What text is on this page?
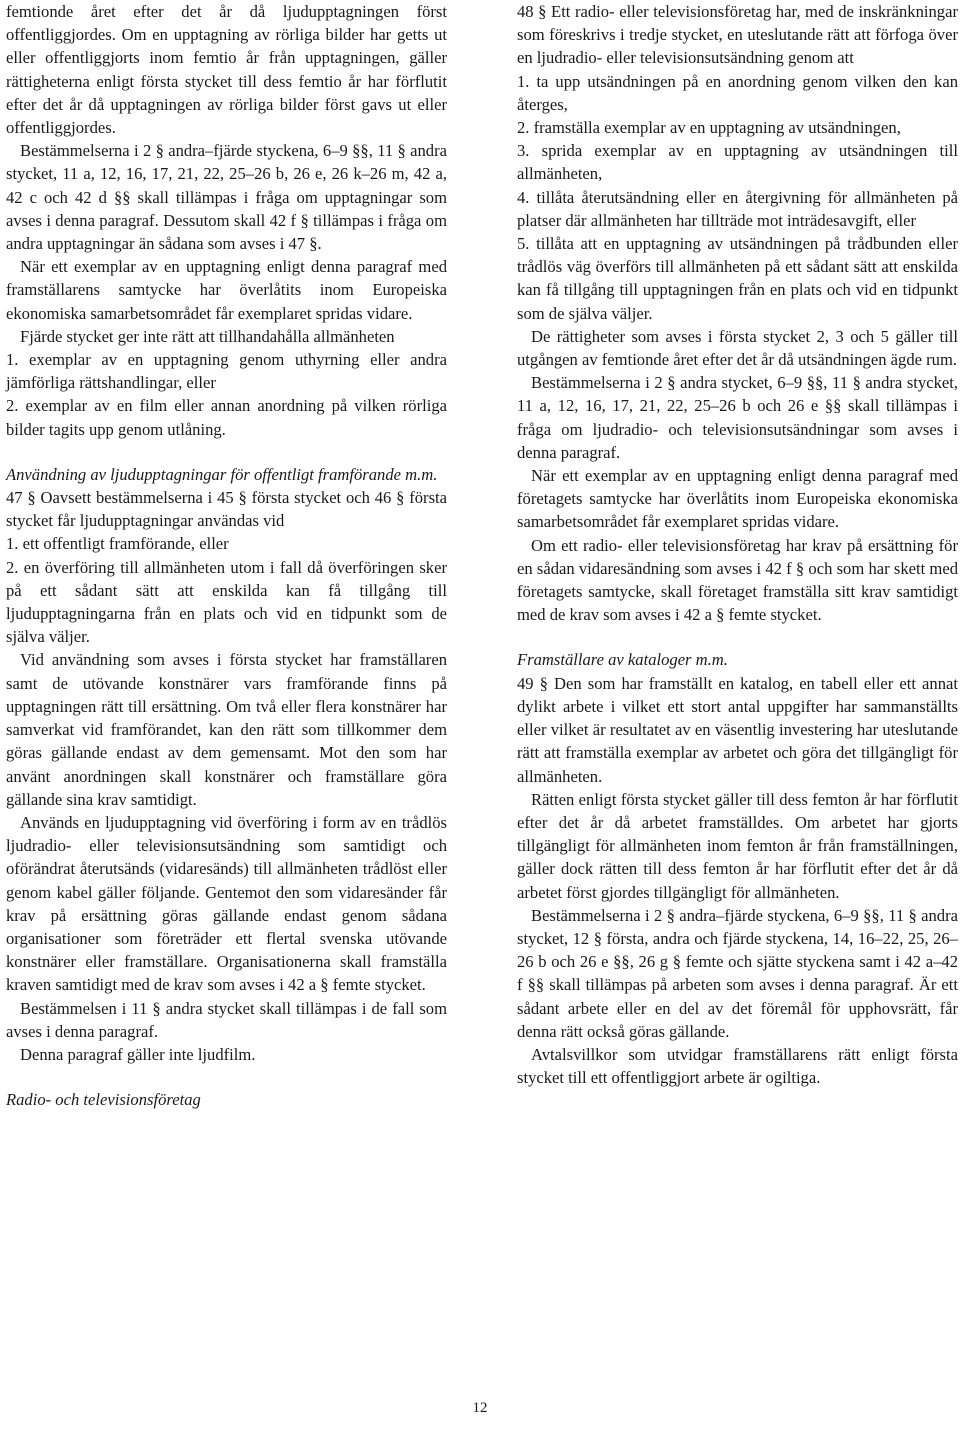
femtionde året efter det år då ljudupptagningen först offentliggjordes. Om en upptagning av rörliga bilder har getts ut eller offentliggjorts inom femtio år från upptagningen, gäller rättigheterna enligt första stycket till dess femtio år har förflutit efter det år då upptagningen av rörliga bilder först gavs ut eller offentliggjordes.

Bestämmelserna i 2 § andra–fjärde styckena, 6–9 §§, 11 § andra stycket, 11 a, 12, 16, 17, 21, 22, 25–26 b, 26 e, 26 k–26 m, 42 a, 42 c och 42 d §§ skall tillämpas i fråga om upptagningar som avses i denna paragraf. Dessutom skall 42 f § tillämpas i fråga om andra upptagningar än sådana som avses i 47 §.

När ett exemplar av en upptagning enligt denna paragraf med framställarens samtycke har överlåtits inom Europeiska ekonomiska samarbetsområdet får exemplaret spridas vidare.

Fjärde stycket ger inte rätt att tillhandahålla allmänheten

1. exemplar av en upptagning genom uthyrning eller andra jämförliga rättshandlingar, eller

2. exemplar av en film eller annan anordning på vilken rörliga bilder tagits upp genom utlåning.

Användning av ljudupptagningar för offentligt framförande m.m.

47 § Oavsett bestämmelserna i 45 § första stycket och 46 § första stycket får ljudupptagningar användas vid

1. ett offentligt framförande, eller

2. en överföring till allmänheten utom i fall då överföringen sker på ett sådant sätt att enskilda kan få tillgång till ljudupptagningarna från en plats och vid en tidpunkt som de själva väljer.

Vid användning som avses i första stycket har framställaren samt de utövande konstnärer vars framförande finns på upptagningen rätt till ersättning. Om två eller flera konstnärer har samverkat vid framförandet, kan den rätt som tillkommer dem göras gällande endast av dem gemensamt. Mot den som har använt anordningen skall konstnärer och framställare göra gällande sina krav samtidigt.

Används en ljudupptagning vid överföring i form av en trådlös ljudradio- eller televisionsutsändning som samtidigt och oförändrat återutsänds (vidaresänds) till allmänheten trådlöst eller genom kabel gäller följande. Gentemot den som vidaresänder får krav på ersättning göras gällande endast genom sådana organisationer som företräder ett flertal svenska utövande konstnärer eller framställare. Organisationerna skall framställa kraven samtidigt med de krav som avses i 42 a § femte stycket.

Bestämmelsen i 11 § andra stycket skall tillämpas i de fall som avses i denna paragraf.

Denna paragraf gäller inte ljudfilm.

Radio- och televisionsföretag

48 § Ett radio- eller televisionsföretag har, med de inskränkningar som föreskrivs i tredje stycket, en uteslutande rätt att förfoga över en ljudradio- eller televisionsutsändning genom att

1. ta upp utsändningen på en anordning genom vilken den kan återges,

2. framställa exemplar av en upptagning av utsändningen,

3. sprida exemplar av en upptagning av utsändningen till allmänheten,

4. tillåta återutsändning eller en återgivning för allmänheten på platser där allmänheten har tillträde mot inträdesavgift, eller

5. tillåta att en upptagning av utsändningen på trådbunden eller trådlös väg överförs till allmänheten på ett sådant sätt att enskilda kan få tillgång till upptagningen från en plats och vid en tidpunkt som de själva väljer.

De rättigheter som avses i första stycket 2, 3 och 5 gäller till utgången av femtionde året efter det år då utsändningen ägde rum.

Bestämmelserna i 2 § andra stycket, 6–9 §§, 11 § andra stycket, 11 a, 12, 16, 17, 21, 22, 25–26 b och 26 e §§ skall tillämpas i fråga om ljudradio- och televisionsutsändningar som avses i denna paragraf.

När ett exemplar av en upptagning enligt denna paragraf med företagets samtycke har överlåtits inom Europeiska ekonomiska samarbetsområdet får exemplaret spridas vidare.

Om ett radio- eller televisionsföretag har krav på ersättning för en sådan vidaresändning som avses i 42 f § och som har skett med företagets samtycke, skall företaget framställa sitt krav samtidigt med de krav som avses i 42 a § femte stycket.

Framställare av kataloger m.m.

49 § Den som har framställt en katalog, en tabell eller ett annat dylikt arbete i vilket ett stort antal uppgifter har sammanställts eller vilket är resultatet av en väsentlig investering har uteslutande rätt att framställa exemplar av arbetet och göra det tillgängligt för allmänheten.

Rätten enligt första stycket gäller till dess femton år har förflutit efter det år då arbetet framställdes. Om arbetet har gjorts tillgängligt för allmänheten inom femton år från framställningen, gäller dock rätten till dess femton år har förflutit efter det år då arbetet först gjordes tillgängligt för allmänheten.

Bestämmelserna i 2 § andra–fjärde styckena, 6–9 §§, 11 § andra stycket, 12 § första, andra och fjärde styckena, 14, 16–22, 25, 26–26 b och 26 e §§, 26 g § femte och sjätte styckena samt i 42 a–42 f §§ skall tillämpas på arbeten som avses i denna paragraf. Är ett sådant arbete eller en del av det föremål för upphovsrätt, får denna rätt också göras gällande.

Avtalsvillkor som utvidgar framställarens rätt enligt första stycket till ett offentliggjort arbete är ogiltiga.

12
